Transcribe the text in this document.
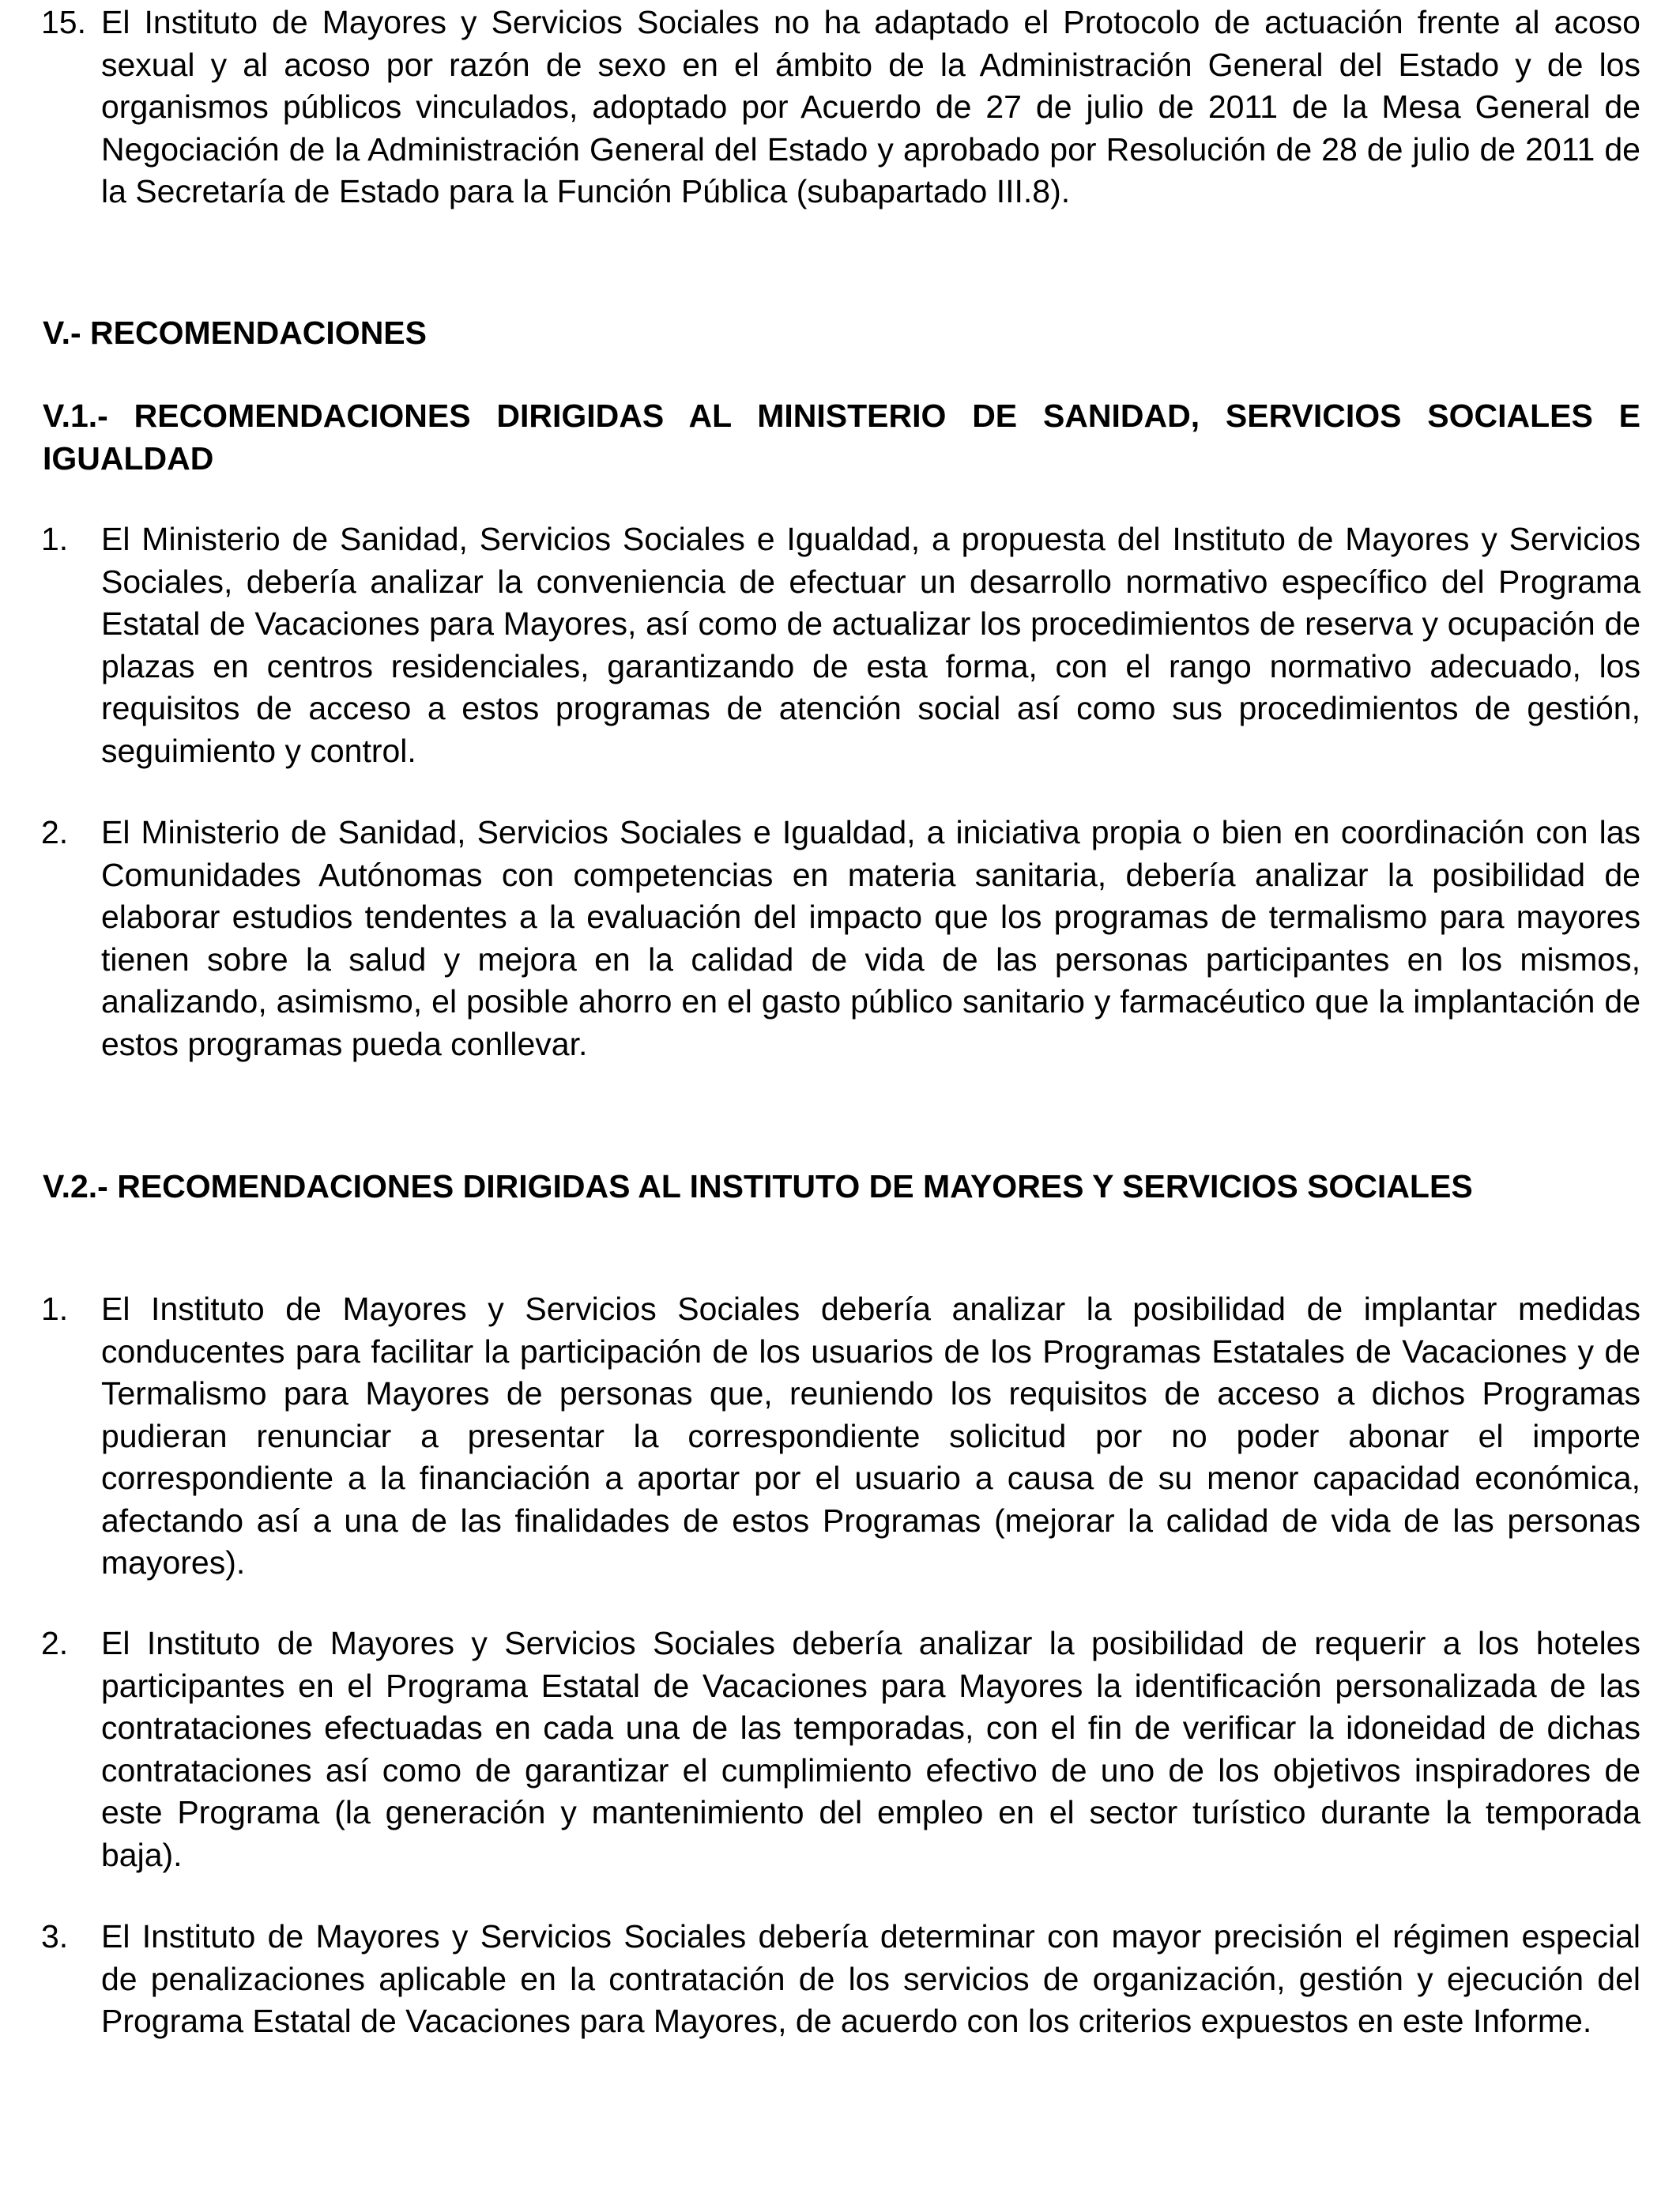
15. El Instituto de Mayores y Servicios Sociales no ha adaptado el Protocolo de actuación frente al acoso sexual y al acoso por razón de sexo en el ámbito de la Administración General del Estado y de los organismos públicos vinculados, adoptado por Acuerdo de 27 de julio de 2011 de la Mesa General de Negociación de la Administración General del Estado y aprobado por Resolución de 28 de julio de 2011 de la Secretaría de Estado para la Función Pública (subapartado III.8).
V.- RECOMENDACIONES
V.1.- RECOMENDACIONES DIRIGIDAS AL MINISTERIO DE SANIDAD, SERVICIOS SOCIALES E IGUALDAD
1. El Ministerio de Sanidad, Servicios Sociales e Igualdad, a propuesta del Instituto de Mayores y Servicios Sociales, debería analizar la conveniencia de efectuar un desarrollo normativo específico del Programa Estatal de Vacaciones para Mayores, así como de actualizar los procedimientos de reserva y ocupación de plazas en centros residenciales, garantizando de esta forma, con el rango normativo adecuado, los requisitos de acceso a estos programas de atención social así como sus procedimientos de gestión, seguimiento y control.
2. El Ministerio de Sanidad, Servicios Sociales e Igualdad, a iniciativa propia o bien en coordinación con las Comunidades Autónomas con competencias en materia sanitaria, debería analizar la posibilidad de elaborar estudios tendentes a la evaluación del impacto que los programas de termalismo para mayores tienen sobre la salud y mejora en la calidad de vida de las personas participantes en los mismos, analizando, asimismo, el posible ahorro en el gasto público sanitario y farmacéutico que la implantación de estos programas pueda conllevar.
V.2.- RECOMENDACIONES DIRIGIDAS AL INSTITUTO DE MAYORES Y SERVICIOS SOCIALES
1. El Instituto de Mayores y Servicios Sociales debería analizar la posibilidad de implantar medidas conducentes para facilitar la participación de los usuarios de los Programas Estatales de Vacaciones y de Termalismo para Mayores de personas que, reuniendo los requisitos de acceso a dichos Programas pudieran renunciar a presentar la correspondiente solicitud por no poder abonar el importe correspondiente a la financiación a aportar por el usuario a causa de su menor capacidad económica, afectando así a una de las finalidades de estos Programas (mejorar la calidad de vida de las personas mayores).
2. El Instituto de Mayores y Servicios Sociales debería analizar la posibilidad de requerir a los hoteles participantes en el Programa Estatal de Vacaciones para Mayores la identificación personalizada de las contrataciones efectuadas en cada una de las temporadas, con el fin de verificar la idoneidad de dichas contrataciones así como de garantizar el cumplimiento efectivo de uno de los objetivos inspiradores de este Programa (la generación y mantenimiento del empleo en el sector turístico durante la temporada baja).
3. El Instituto de Mayores y Servicios Sociales debería determinar con mayor precisión el régimen especial de penalizaciones aplicable en la contratación de los servicios de organización, gestión y ejecución del Programa Estatal de Vacaciones para Mayores, de acuerdo con los criterios expuestos en este Informe.
